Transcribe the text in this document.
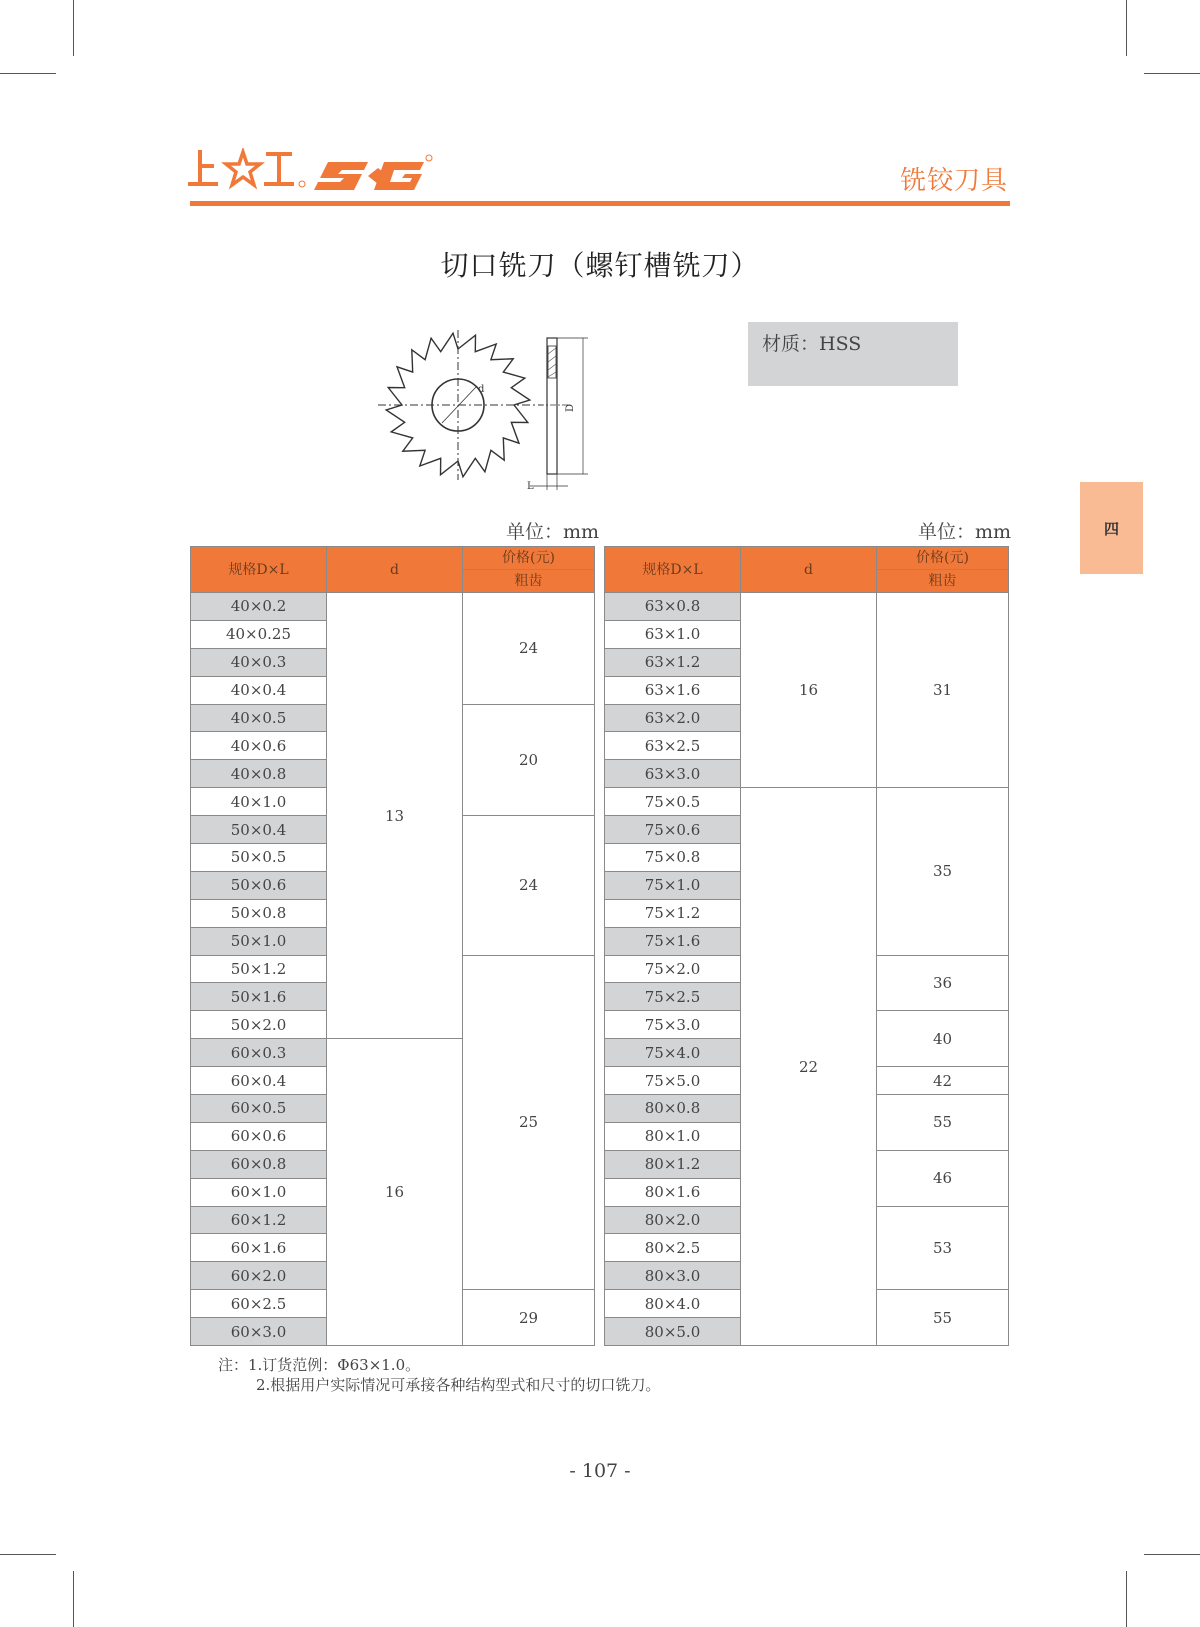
铣铰刀具
切口铣刀（螺钉槽铣刀）
d
D
L
材质：HSS
四
单位：mm	单位：mm
规格D×L	d	价格(元)
		粗齿
40×0.2	13	24
40×0.25		
40×0.3		
40×0.4		
40×0.5		20
40×0.6		
40×0.8		
40×1.0		
50×0.4		24
50×0.5		
50×0.6		
50×0.8		
50×1.0		
50×1.2		25
50×1.6		
50×2.0		
60×0.3	16	
60×0.4		
60×0.5		
60×0.6		
60×0.8		
60×1.0		
60×1.2		
60×1.6		
60×2.0		
60×2.5		29
60×3.0		
规格D×L	d	价格(元)
		粗齿
63×0.8	16	31
63×1.0		
63×1.2		
63×1.6		
63×2.0		
63×2.5		
63×3.0		
75×0.5	22	35
75×0.6		
75×0.8		
75×1.0		
75×1.2		
75×1.6		
75×2.0		36
75×2.5		
75×3.0		40
75×4.0		
75×5.0		42
80×0.8		55
80×1.0		
80×1.2		46
80×1.6		
80×2.0		53
80×2.5		
80×3.0		
80×4.0		55
80×5.0		
注：1.订货范例：Φ63×1.0。
2.根据用户实际情况可承接各种结构型式和尺寸的切口铣刀。
- 107 -
